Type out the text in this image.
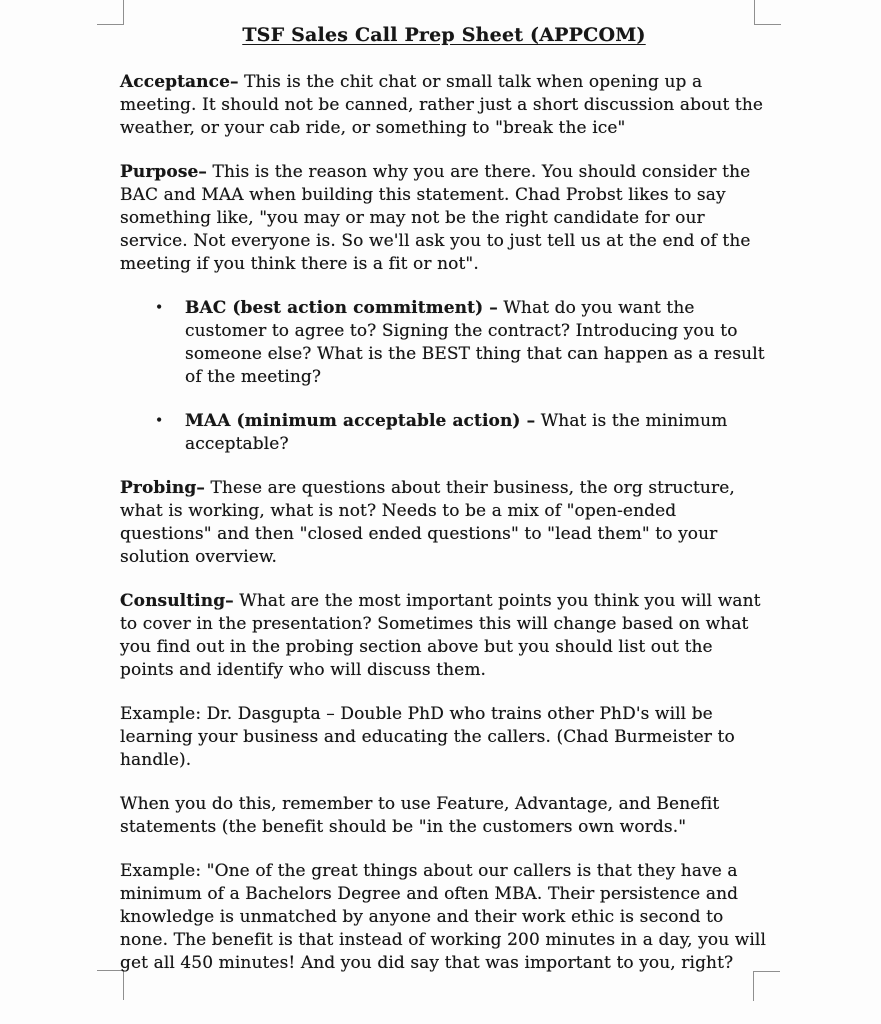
TSF Sales Call Prep Sheet (APPCOM)

Acceptance– This is the chit chat or small talk when opening up a meeting. It should not be canned, rather just a short discussion about the weather, or your cab ride, or something to "break the ice"

Purpose– This is the reason why you are there. You should consider the BAC and MAA when building this statement. Chad Probst likes to say something like, "you may or may not be the right candidate for our service. Not everyone is. So we'll ask you to just tell us at the end of the meeting if you think there is a fit or not".

•	BAC (best action commitment) – What do you want the customer to agree to? Signing the contract? Introducing you to someone else? What is the BEST thing that can happen as a result of the meeting?

•	MAA (minimum acceptable action) – What is the minimum acceptable?

Probing– These are questions about their business, the org structure, what is working, what is not? Needs to be a mix of "open-ended questions" and then "closed ended questions" to "lead them" to your solution overview.

Consulting– What are the most important points you think you will want to cover in the presentation? Sometimes this will change based on what you find out in the probing section above but you should list out the points and identify who will discuss them.

Example: Dr. Dasgupta – Double PhD who trains other PhD's will be learning your business and educating the callers. (Chad Burmeister to handle).

When you do this, remember to use Feature, Advantage, and Benefit statements (the benefit should be "in the customers own words."

Example: "One of the great things about our callers is that they have a minimum of a Bachelors Degree and often MBA. Their persistence and knowledge is unmatched by anyone and their work ethic is second to none. The benefit is that instead of working 200 minutes in a day, you will get all 450 minutes! And you did say that was important to you, right?
